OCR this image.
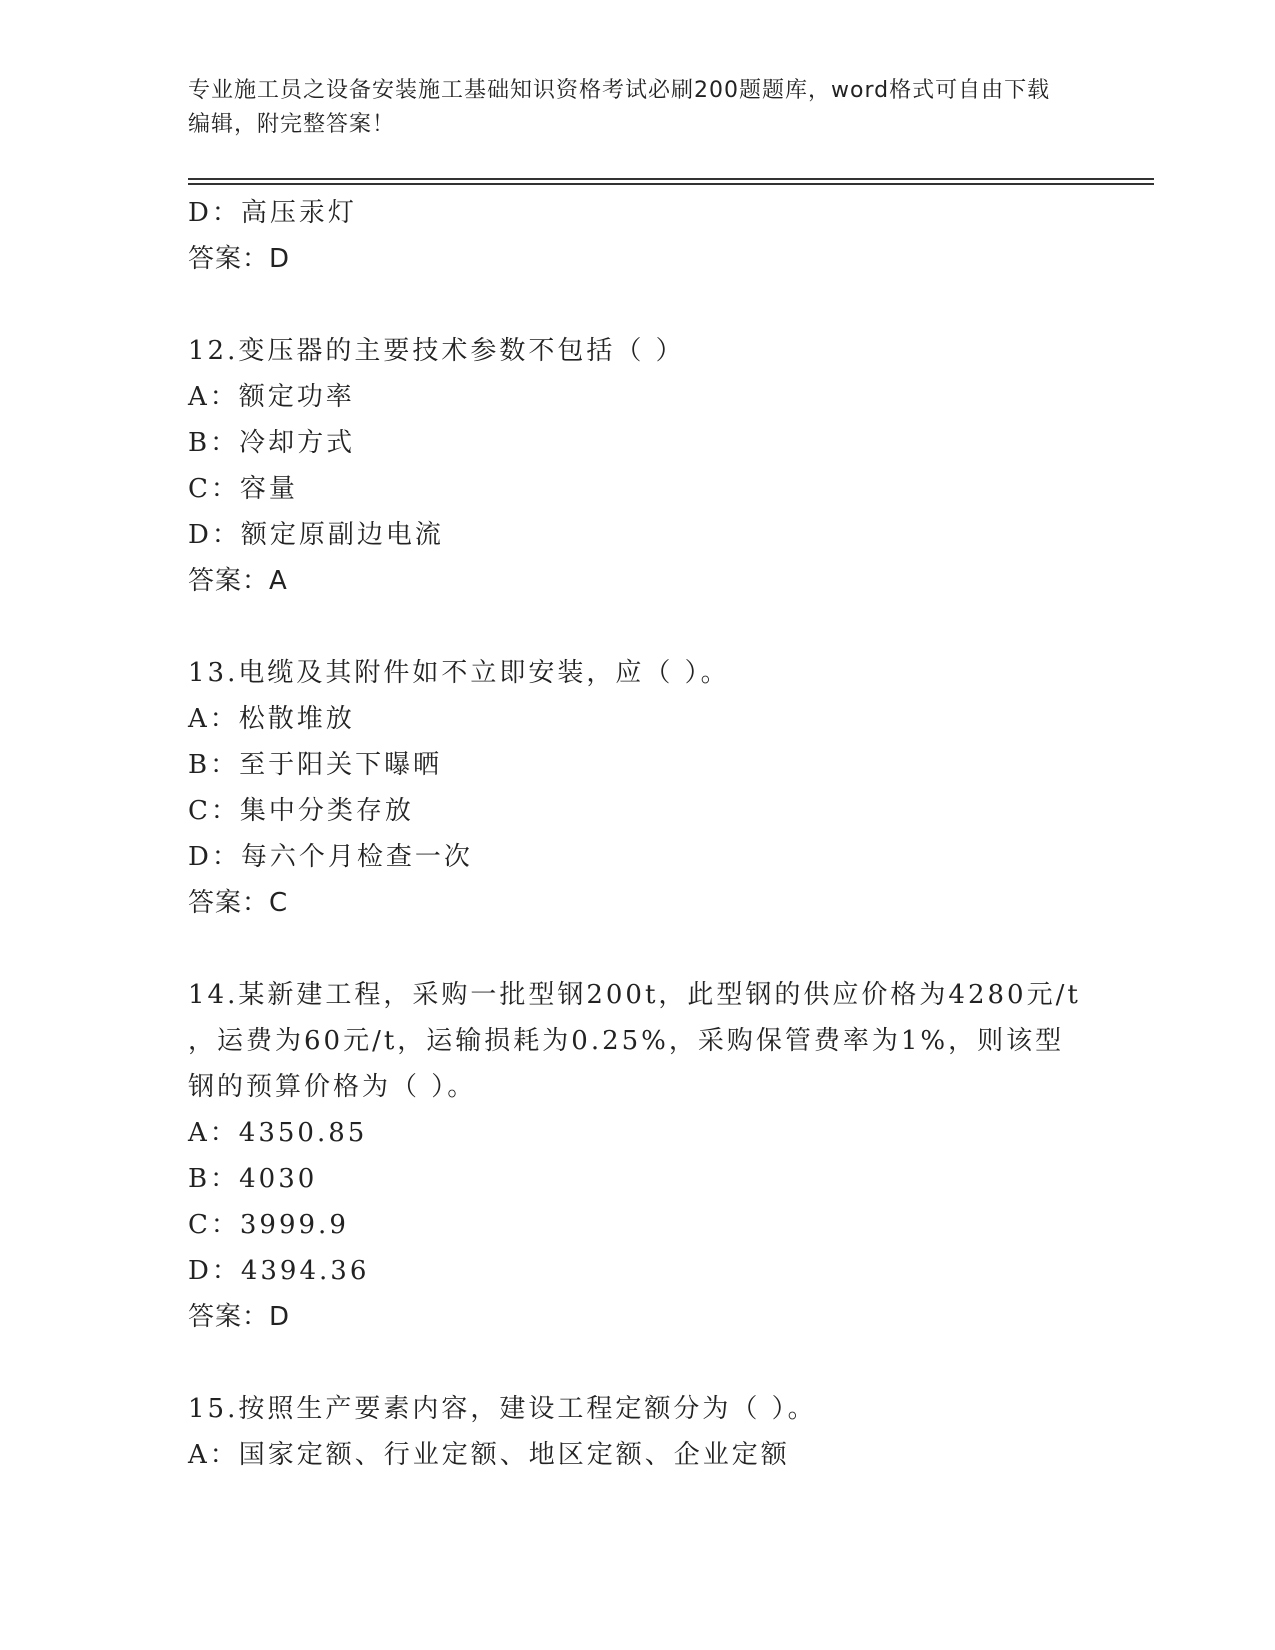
专业施工员之设备安装施工基础知识资格考试必刷200题题库，word格式可自由下载编辑，附完整答案！
D：高压汞灯
答案：D
12.变压器的主要技术参数不包括（ ）
A：额定功率
B：冷却方式
C：容量
D：额定原副边电流
答案：A
13.电缆及其附件如不立即安装，应（ ）。
A：松散堆放
B：至于阳关下曝晒
C：集中分类存放
D：每六个月检查一次
答案：C
14.某新建工程，采购一批型钢200t，此型钢的供应价格为4280元/t
，运费为60元/t，运输损耗为0.25%，采购保管费率为1%，则该型
钢的预算价格为（ ）。
A：4350.85
B：4030
C：3999.9
D：4394.36
答案：D
15.按照生产要素内容，建设工程定额分为（ ）。
A：国家定额、行业定额、地区定额、企业定额
